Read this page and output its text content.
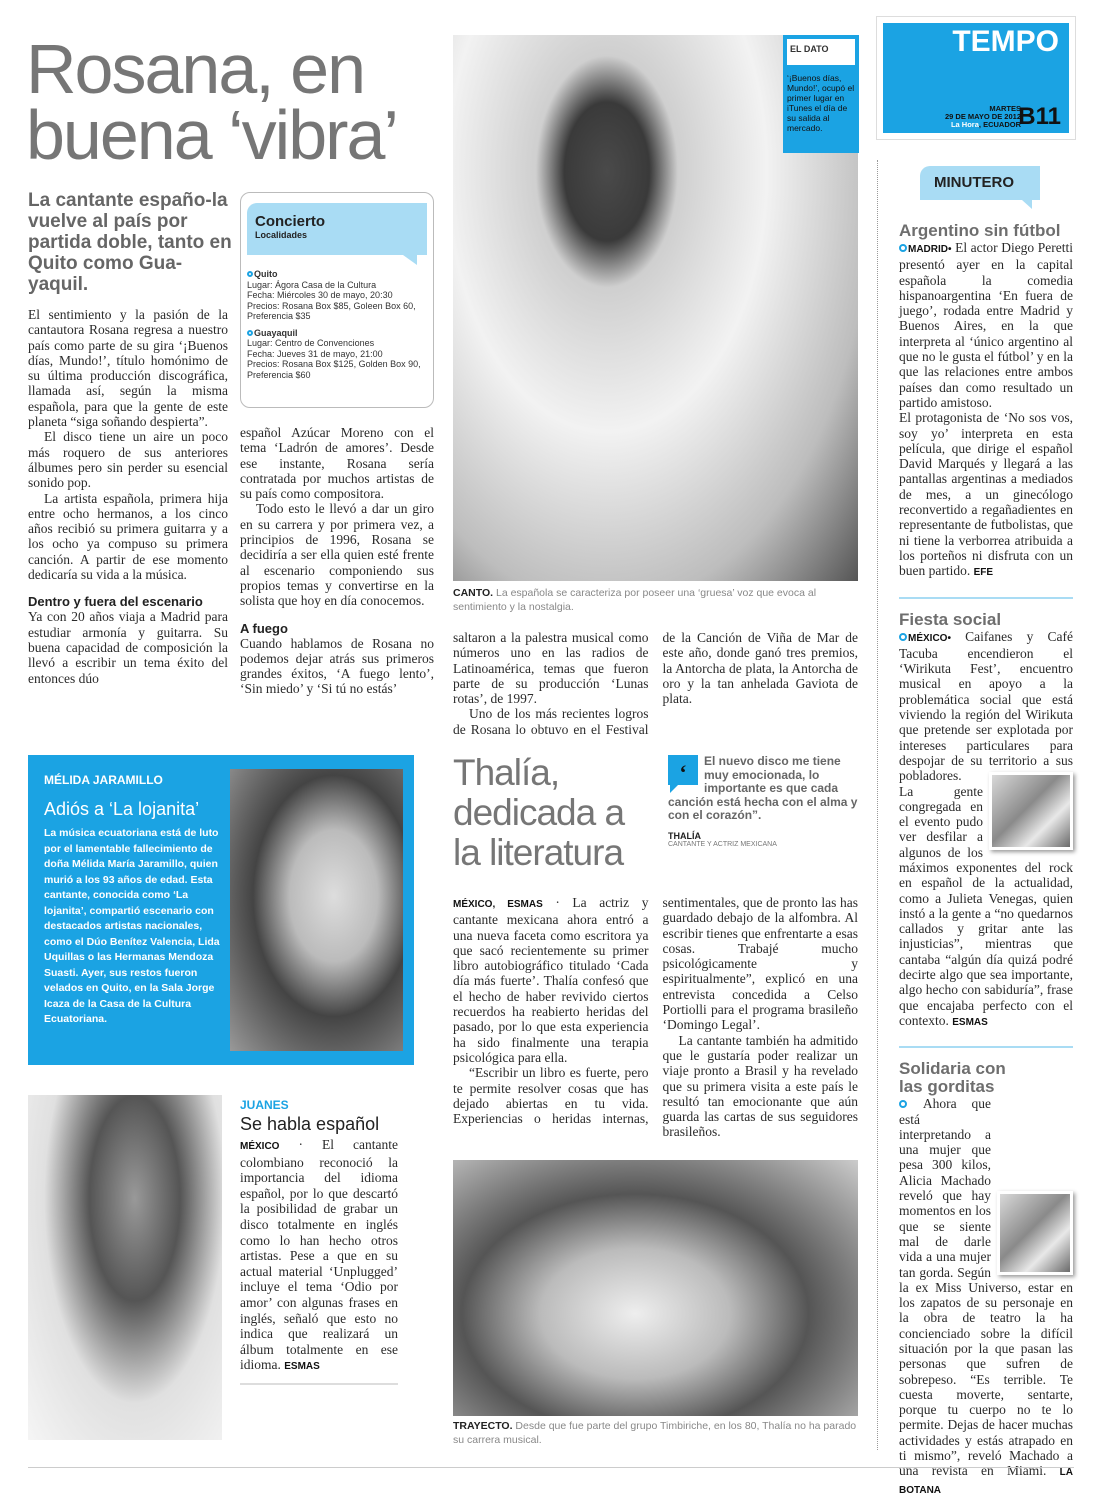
Rosana, en
buena ‘vibra’
La cantante españo-la vuelve al país por partida doble, tanto en Quito como Gua-yaquil.
Concierto
Localidades
Quito
Lugar: Ágora Casa de la Cultura
Fecha: Miércoles 30 de mayo, 20:30
Precios: Rosana Box $85, Goleen Box 60, Preferencia $35
Guayaquil
Lugar: Centro de Convenciones
Fecha: Jueves 31 de mayo, 21:00
Precios: Rosana Box $125, Golden Box 90, Preferencia $60

El sentimiento y la pasión de la cantautora Rosana regresa a nuestro país como parte de su gira ‘¡Buenos días, Mundo!’, título homónimo de su última producción discográfica, llamada así, según la misma española, para que la gente de este planeta “siga soñando despierta”.

El disco tiene un aire un poco más roquero de sus anteriores álbumes pero sin perder su esencial sonido pop.

La artista española, primera hija entre ocho hermanos, a los cinco años recibió su primera guitarra y a los ocho ya compuso su primera canción. A partir de ese momento dedicaría su vida a la música.

Dentro y fuera del escenario

Ya con 20 años viaja a Madrid para estudiar armonía y guitarra. Su buena capacidad de composición la llevó a escribir un tema éxito del entonces dúo

español Azúcar Moreno con el tema ‘Ladrón de amores’. Desde ese instante, Rosana sería contratada por muchos artistas de su país como compositora.

Todo esto le llevó a dar un giro en su carrera y por primera vez, a principios de 1996, Rosana se decidiría a ser ella quien esté frente al escenario componiendo sus propios temas y convertirse en la solista que hoy en día conocemos.

A fuego

Cuando hablamos de Rosana no podemos dejar atrás sus primeros grandes éxitos, ‘A fuego lento’, ‘Sin miedo’ y ‘Si tú no estás’

EL DATO
‘¡Buenos días, Mundo!’, ocupó el primer lugar en iTunes el día de su salida al mercado.
CANTO. La española se caracteriza por poseer una ‘gruesa’ voz que evoca al sentimiento y la nostalgia.

saltaron a la palestra musical como números uno en las radios de Latinoamérica, temas que fueron parte de su producción ‘Lunas rotas’, de 1997.

Uno de los más recientes logros de Rosana lo obtuvo en el Festival de la Canción de Viña de Mar de este año, donde ganó tres premios, la Antorcha de plata, la Antorcha de oro y la tan anhelada Gaviota de plata.

TEMPO
MARTES
29 DE MAYO DE 2012
La Hora, ECUADOR
B11
MINUTERO
Argentino sin fútbol
MADRID• El actor Diego Peretti presentó ayer en la capital española la comedia hispanoargentina ‘En fuera de juego’, rodada entre Madrid y Buenos Aires, en la que interpreta al ‘único argentino al que no le gusta el fútbol’ y en la que las relaciones entre ambos países dan como resultado un partido amistoso.
El protagonista de ‘No sos vos, soy yo’ interpreta en esta película, que dirige el español David Marqués y llegará a las pantallas argentinas a mediados de mes, a un ginecólogo reconvertido a regañadientes en representante de futbolistas, que ni tiene la verborrea atribuida a los porteños ni disfruta con un buen partido. EFE
Fiesta social
MÉXICO• Caifanes y Café Tacuba encendieron el ‘Wirikuta Fest’, encuentro musical en apoyo a la problemática social que está viviendo la región del Wirikuta que pretende ser explotada por intereses particulares para despojar de su territorio a sus pobladores.

La gente congregada en el evento pudo ver desfilar a algunos de los máximos exponentes del rock en español de la actualidad, como a Julieta Venegas, quien instó a la gente a “no quedarnos callados y gritar ante las injusticias”, mientras que cantaba “algún día quizá podré decirte algo que sea importante, algo hecho con sabiduría”, frase que encajaba perfecto con el contexto. ESMAS
Solidaria con las gorditas

Ahora que está interpretando a una mujer que pesa 300 kilos, Alicia Machado reveló que hay momentos en los que se siente mal de darle vida a una mujer tan gorda. Según la ex Miss Universo, estar en los zapatos de su personaje en la obra de teatro la ha concienciado sobre la difícil situación por la que pasan las personas que sufren de sobrepeso. “Es terrible. Te cuesta moverte, sentarte, porque tu cuerpo no te lo permite. Dejas de hacer muchas actividades y estás atrapado en ti mismo”, reveló Machado a una revista en Miami. LA BOTANA
MÉLIDA JARAMILLO
Adiós a ‘La lojanita’
La música ecuatoriana está de luto por el lamentable fallecimiento de doña Mélida María Jaramillo, quien murió a los 93 años de edad. Esta cantante, conocida como ‘La lojanita’, compartió escenario con destacados artistas nacionales, como el Dúo Benítez Valencia, Lida Uquillas o las Hermanas Mendoza Suasti. Ayer, sus restos fueron velados en Quito, en la Sala Jorge Icaza de la Casa de la Cultura Ecuatoriana.
JUANES
Se habla español
MÉXICO · El cantante colombiano reconoció la importancia del idioma español, por lo que descartó la posibilidad de grabar un disco totalmente en inglés como lo han hecho otros artistas. Pese a que en su actual material ‘Unplugged’ incluye el tema ‘Odio por amor’ con algunas frases en inglés, señaló que esto no indica que realizará un álbum totalmente en ese idioma. ESMAS
Thalía, dedicada a la literatura
‘	El nuevo disco me tiene muy emocionada, lo importante es que cada canción está hecha con el alma y con el corazón”.
THALÍA
CANTANTE Y ACTRIZ MEXICANA

MÉXICO, ESMAS · La actriz y cantante mexicana ahora entró a una nueva faceta como escritora ya que sacó recientemente su primer libro autobiográfico titulado ‘Cada día más fuerte’. Thalía confesó que el hecho de haber revivido ciertos recuerdos ha reabierto heridas del pasado, por lo que esta experiencia ha sido finalmente una terapia psicológica para ella.

“Escribir un libro es fuerte, pero te permite resolver cosas que has dejado abiertas en tu vida. Experiencias o heridas internas, sentimentales, que de pronto las has guardado debajo de la alfombra. Al escribir tienes que enfrentarte a esas cosas. Trabajé mucho psicológicamente y espiritualmente”, explicó en una entrevista concedida a Celso Portiolli para el programa brasileño ‘Domingo Legal’.

La cantante también ha admitido que le gustaría poder realizar un viaje pronto a Brasil y ha revelado que su primera visita a este país le resultó tan emocionante que aún guarda las cartas de sus seguidores brasileños.

TRAYECTO. Desde que fue parte del grupo Timbiriche, en los 80, Thalía no ha parado su carrera musical.
